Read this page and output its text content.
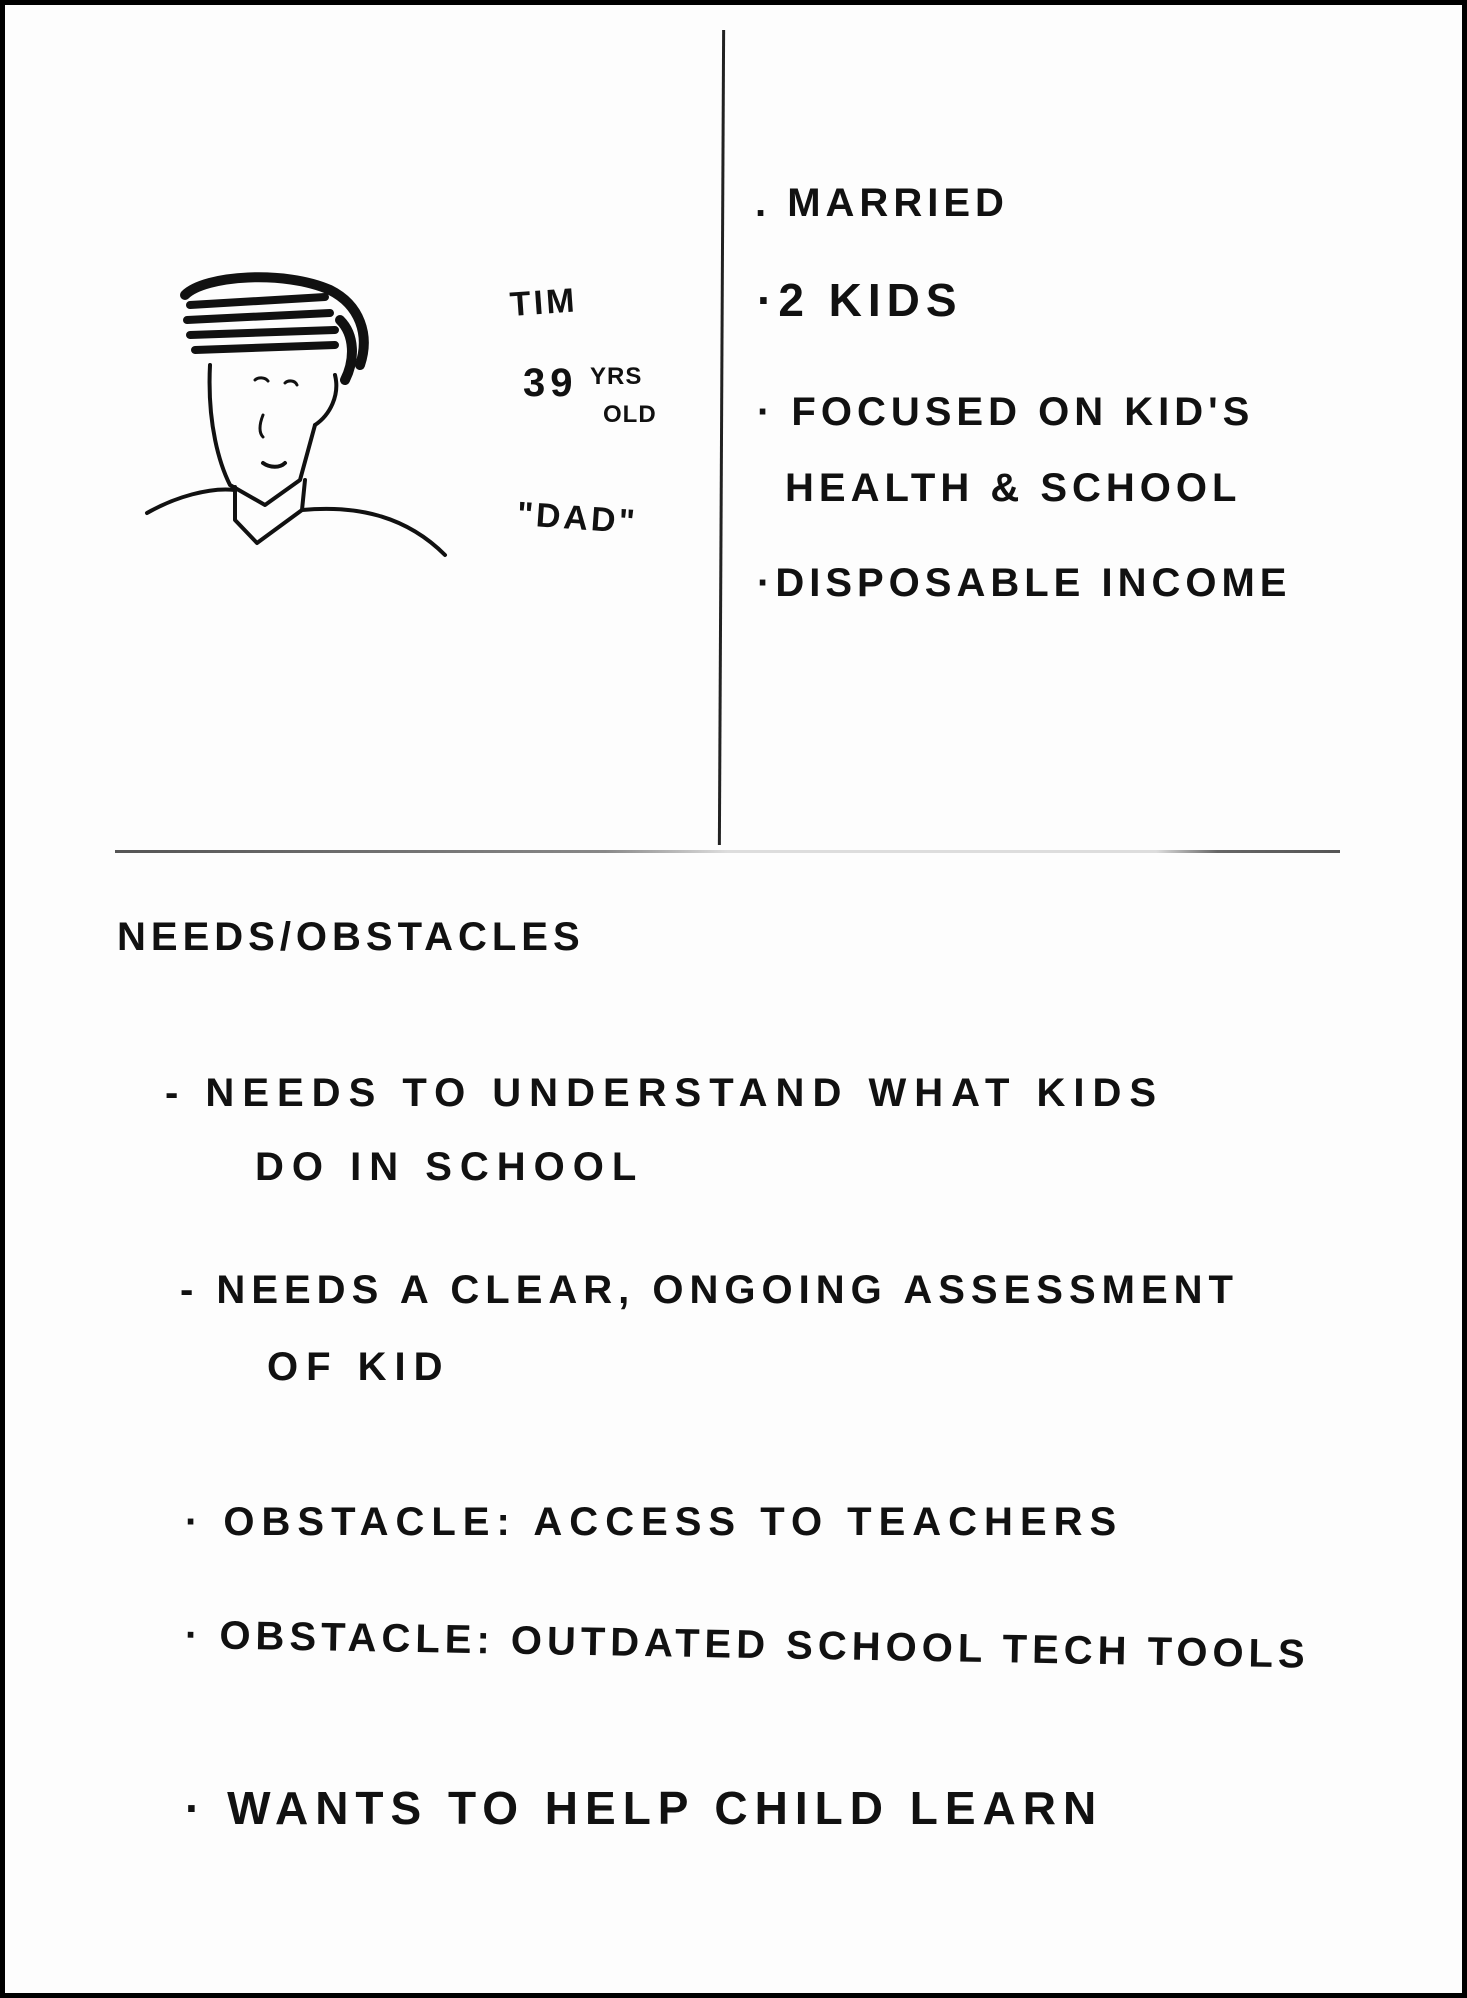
TIM
39 YRS
OLD
"DAD"
. MARRIED
·2 KIDS
· FOCUSED ON KID'S
HEALTH & SCHOOL
·DISPOSABLE INCOME
NEEDS/OBSTACLES
- NEEDS TO UNDERSTAND WHAT KIDS
DO IN SCHOOL
- NEEDS A CLEAR, ONGOING ASSESSMENT
OF KID
· OBSTACLE: ACCESS TO TEACHERS
· OBSTACLE: OUTDATED SCHOOL TECH TOOLS
· WANTS TO HELP CHILD LEARN
